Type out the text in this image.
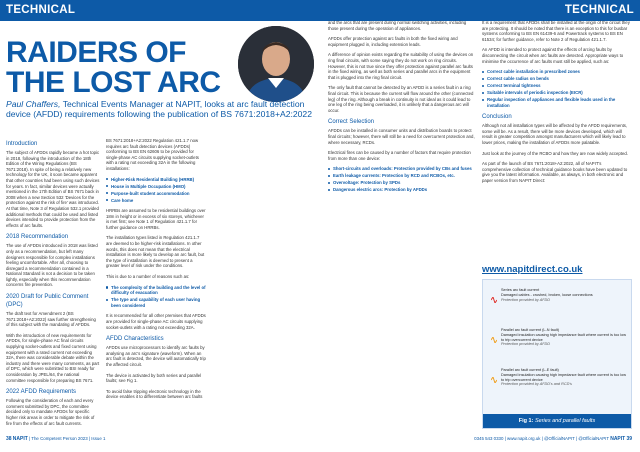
TECHNICAL
RAIDERS OF
THE LOST ARC
Paul Chaffers, Technical Events Manager at NAPIT, looks at arc fault detection device (AFDD) requirements following the publication of BS 7671:2018+A2:2022
Introduction

The subject of AFDDs rapidly became a hot topic in 2018, following the introduction of the 18th Edition of the Wiring Regulations (BS 7671:2018). In spite of being a relatively new technology for the UK, it soon became apparent that other countries had been using such devices for years. In fact, similar devices were actually mentioned in the 17th Edition of BS 7671 back in 2008 when a new Section 532 'Devices for the protection against the risk of fire' was introduced. At that time, Note 3 of Regulation 532.1 provided additional methods that could be used and listed devices intended to provide protection from the effects of arc faults.

2018 Recommendation

The use of AFDDs introduced in 2018 was listed only as a recommendation, but left many designers responsible for complex installations feeling uncomfortable. After all, choosing to disregard a recommendation contained in a National Standard is not a decision to be taken lightly, especially when this recommendation concerns fire prevention.

2020 Draft for Public Comment (DPC)

The draft text for Amendment 2 (BS 7671:2018+A2:2022) saw further strengthening of this subject with the mandating of AFDDs.

With the introduction of new requirements for AFDDs, for single-phase AC final circuits supplying socket-outlets and fixed current using equipment with a rated current not exceeding 32A, there was considerable debate within the industry and there were many comments, as part of DPC, which were submitted to BSI ready for consideration by JPEL/64, the national committee responsible for preparing BS 7671.

2022 AFDD Requirements

Following the consideration of each and every comment submitted by DPC, the committee decided only to mandate AFDDs for specific higher risk areas in order to mitigate the risk of fire from the effects of arc fault currents.

BS 7671:2018+A2:2022 Regulation 421.1.7 now requires arc fault detection devices (AFDDs) conforming to BS EN 62606 to be provided for single-phase AC circuits supplying socket-outlets with a rating not exceeding 32A in the following installations:

Higher-Risk Residential Building (HRRB)
House in Multiple Occupation (HMO)
Purpose-built student accommodation
Care home

HRRBs are assumed to be residential buildings over 18m in height or in excess of six storeys, whichever is met first; see Note 1 of Regulation 421.1.7 for further guidance on HRRBs.

The installation types listed in Regulation 421.1.7 are deemed to be higher-risk installations. In other words, this does not mean that the electrical installation is more likely to develop an arc fault, but the type of installation is deemed to present a greater level of risk under the conditions.

This is due to a number of reasons such as:

The complexity of the building and the level of difficulty of evacuation
The type and capability of each user having been considered

It is recommended for all other premises that AFDDs are provided for single-phase AC circuits supplying socket-outlets with a rating not exceeding 32A.

AFDD Characteristics

AFDDs use microprocessors to identify arc faults by analysing an arc's signature (waveform). When an arc fault is detected, the device will automatically trip the affected circuit.

The device is activated by both series and parallel faults; see Fig 1.

To avoid false tripping electronic technology in the device enables it to differentiate between arc faults

38 NAPIT | The Competent Person 2023 | Issue 1
TECHNICAL

and the arcs that are present during normal switching activities, including those present during the operation of appliances.

AFDDs offer protection against arc faults in both the fixed wiring and equipment plugged in, including extension leads.

A difference of opinion exists regarding the suitability of using the devices on ring final circuits, with some saying they do not work on ring circuits. However, this is not true since they offer protection against parallel arc faults in the fixed wiring, as well as both series and parallel arcs in the equipment that is plugged into the ring final circuit.

The only fault that cannot be detected by an AFDD is a series fault in a ring final circuit. This is because the current will flow around the other (connected leg) of the ring. Although a break in continuity is not ideal as it could lead to one leg of the ring being overloaded, it is unlikely that a dangerous arc will occur.

Correct Selection

AFDDs can be installed in consumer units and distribution boards to protect final circuits; however, there will still be a need for overcurrent protection and, where necessary, RCDs.

Electrical fires can be caused by a number of factors that require protection from more than one device:

Short-circuits and overloads: Protection provided by CBs and fuses
Earth leakage currents: Protection by RCD and RCBOs, etc.
Overvoltage: Protection by SPDs
Dangerous electric arcs: Protection by AFDDs

It is a requirement that AFDDs shall be installed at the origin of the circuit they are protecting. It should be noted that there is an exception to this for busbar systems conforming to BS EN 61439-6 and Powertrack systems to BS EN 61534; for further guidance, refer to Note 2 of Regulation 421.1.7.

An AFDD is intended to protect against the effects of arcing faults by disconnecting the circuit when arc faults are detected. Appropriate ways to minimise the occurrence of arc faults must still be applied, such as:

Correct cable installation in prescribed zones
Correct cable radius on bends
Correct terminal tightness
Suitable intervals of periodic inspection (EICR)
Regular inspection of appliances and flexible leads used in the installation
Conclusion

Although not all installation types will be affected by the AFDD requirements, some will be. As a result, there will be more devices developed, which will result in greater competition amongst manufacturers which will likely lead to lower prices, making the installation of AFDDs more palatable.

Just look at the journey of the RCBO and how they are now widely accepted.

As part of the launch of BS 7671:2018+A2:2022, all of NAPIT's comprehensive collection of technical guidance books have been updated to give you the latest information. Available, as always, in both electronic and paper version from NAPIT Direct:

www.napitdirect.co.uk
Series arc fault current
Damaged cables - crushed, broken, loose connections
Protection provided by AFDD
Parallel arc fault current (L-N fault)
Damaged insulation causing high impedance fault where current is too low to trip overcurrent device
Protection provided by AFDD
Parallel arc fault current (L-E fault)
Damaged insulation causing high impedance fault where current is too low to trip overcurrent device
Protection provided by AFDD's and RCD's
Fig 1: Series and parallel faults
0345 543 0330 | www.napit.org.uk | @OfficialNAPIT | @OfficialNAPIT NAPIT 39
